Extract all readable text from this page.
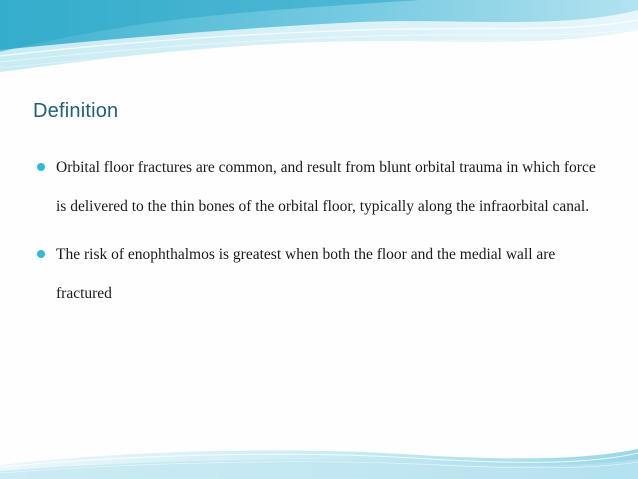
Definition

Orbital floor fractures are common, and result from blunt orbital trauma in which force is delivered to the thin bones of the orbital floor, typically along the infraorbital canal.

The risk of enophthalmos is greatest when both the floor and the medial wall are fractured
